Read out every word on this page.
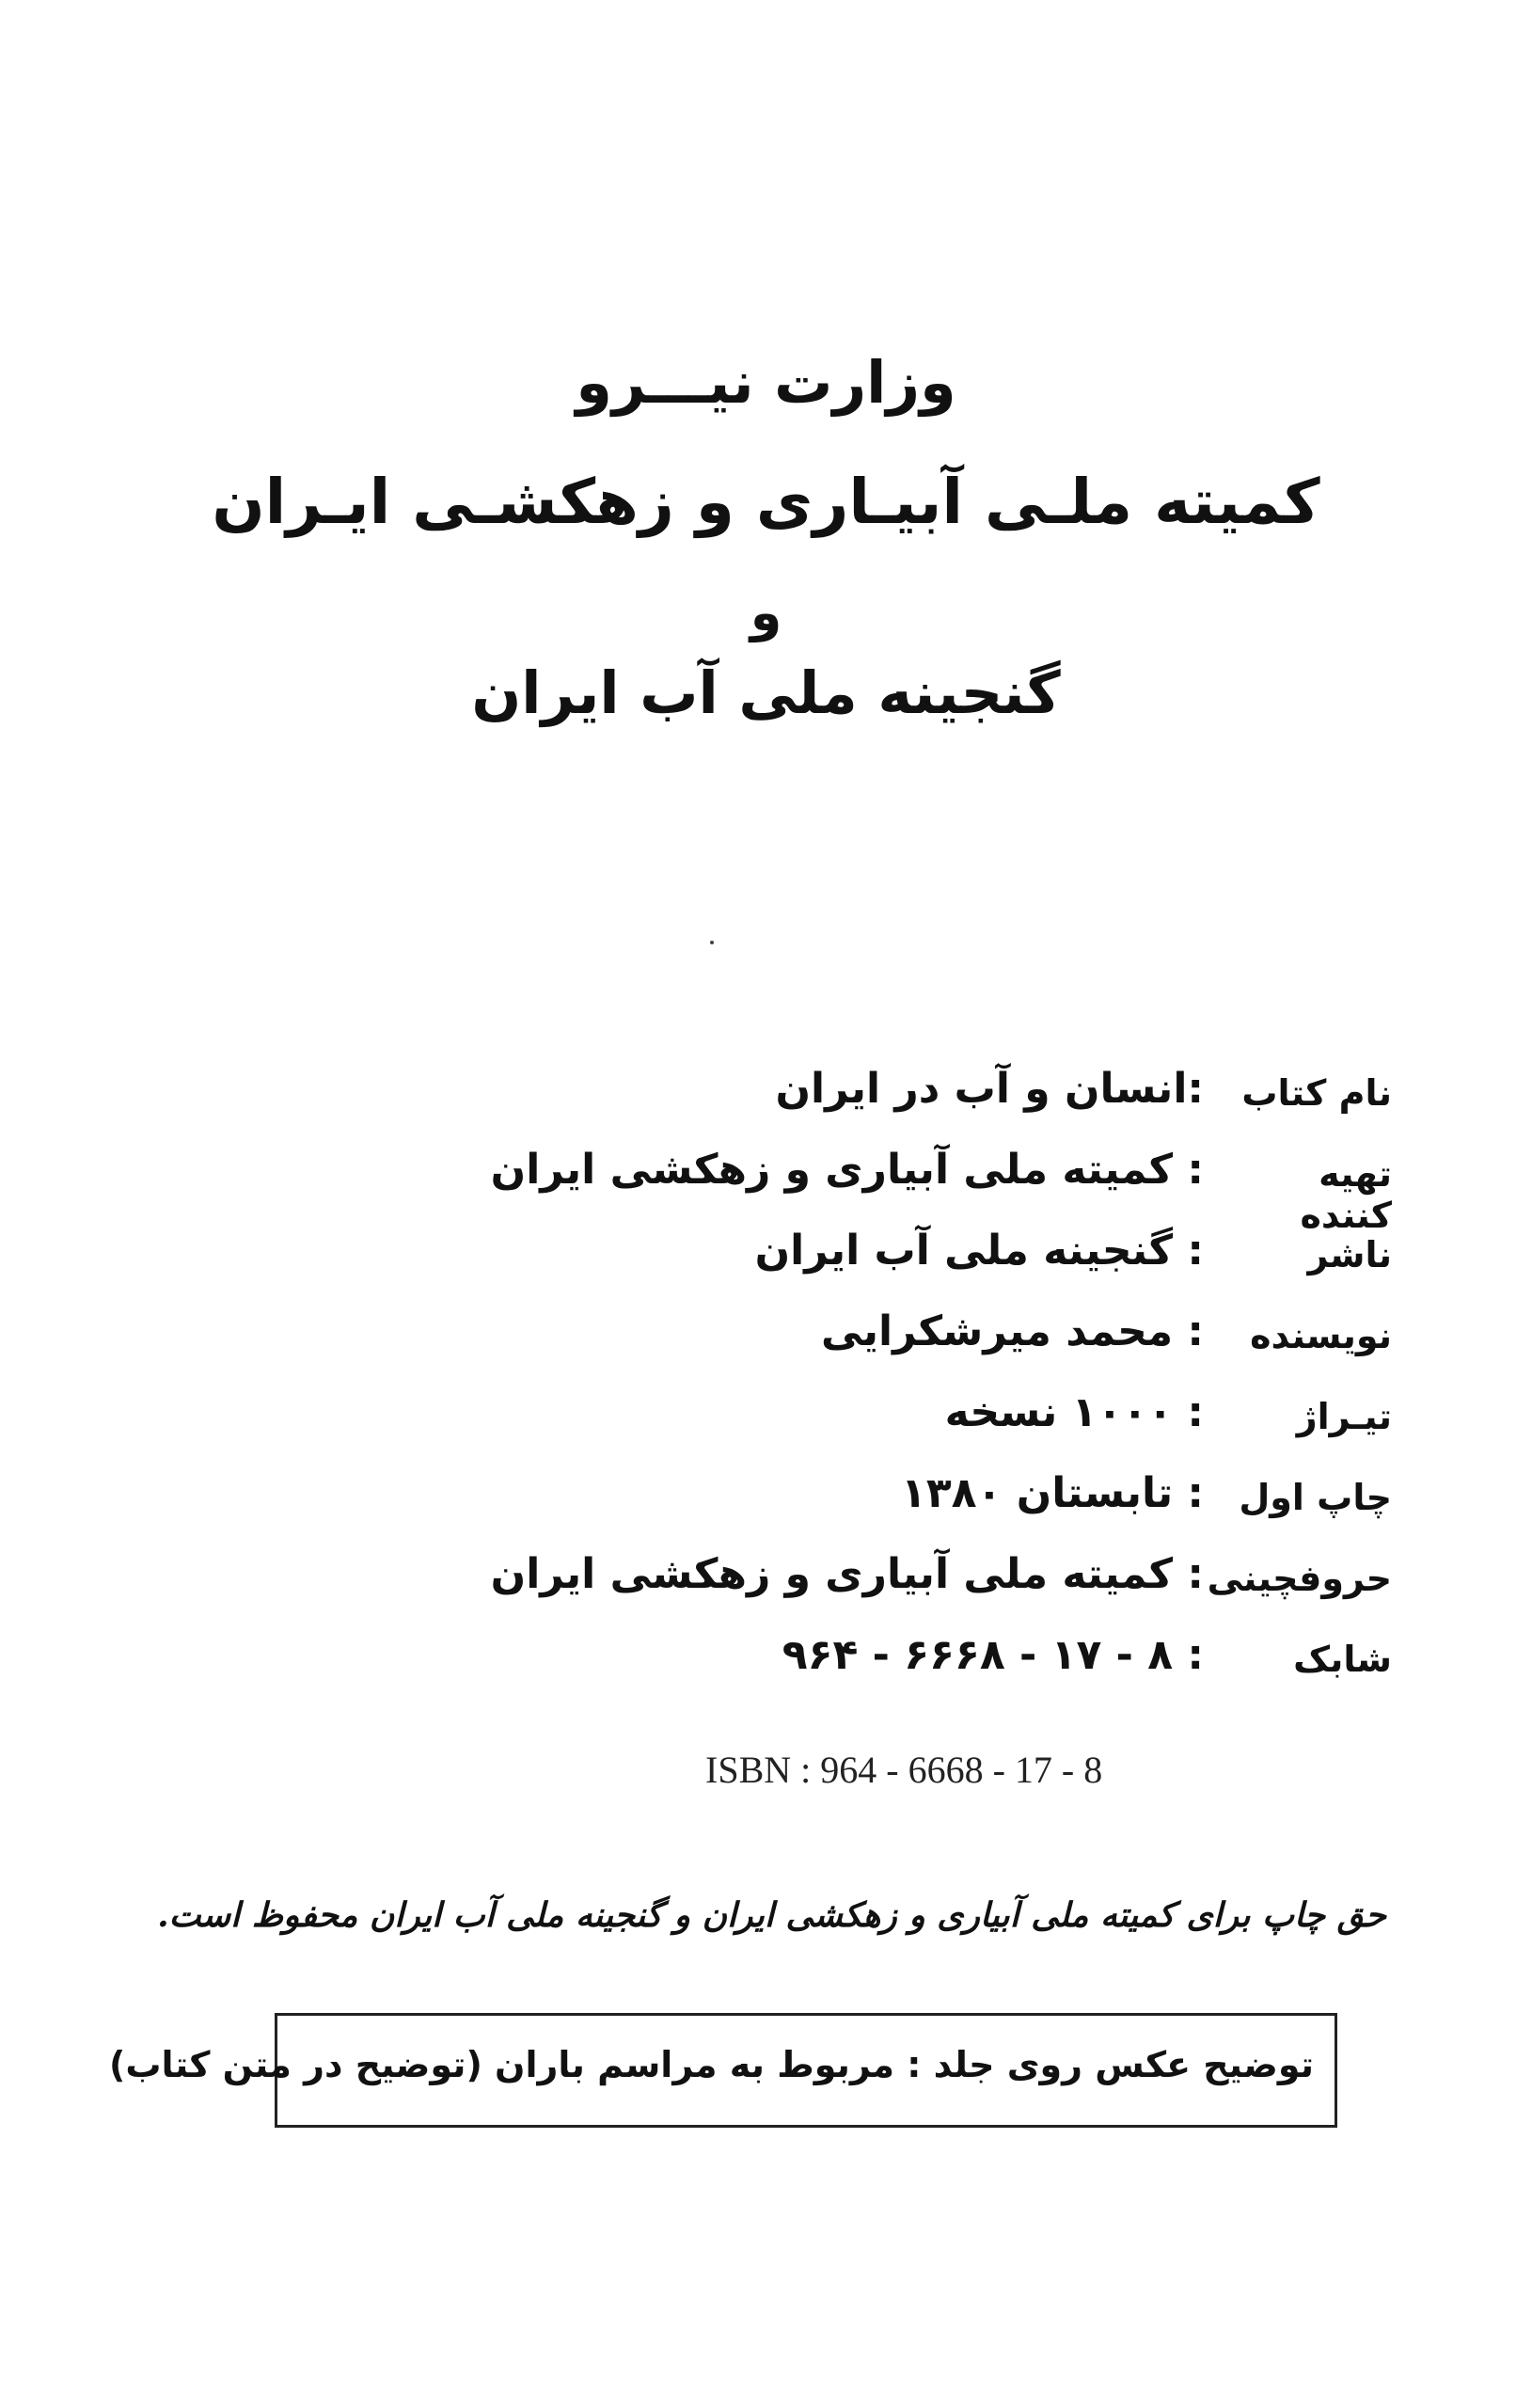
وزارت نیـــرو
کمیته ملـی آبیـاری و زهکشـی ایـران
و
گنجینه ملی آب ایران
نام کتاب
:انسان و آب در ایران
تهیه کننده
: کمیته ملی آبیاری و زهکشی ایران
ناشر
: گنجینه ملی آب ایران
نویسنده
: محمد میرشکرایی
تیـراژ
: ۱۰۰۰ نسخه
چاپ اول
: تابستان ۱۳۸۰
حروفچینی
: کمیته ملی آبیاری و زهکشی ایران
شابک
: ۸ - ۱۷ - ۶۶۶۸ - ۹۶۴
ISBN : 964 - 6668 - 17 - 8
حق چاپ برای کمیته ملی آبیاری و زهکشی ایران و گنجینه ملی آب ایران محفوظ است.
توضیح عکس روی جلد : مربوط به مراسم باران (توضیح در متن کتاب)
